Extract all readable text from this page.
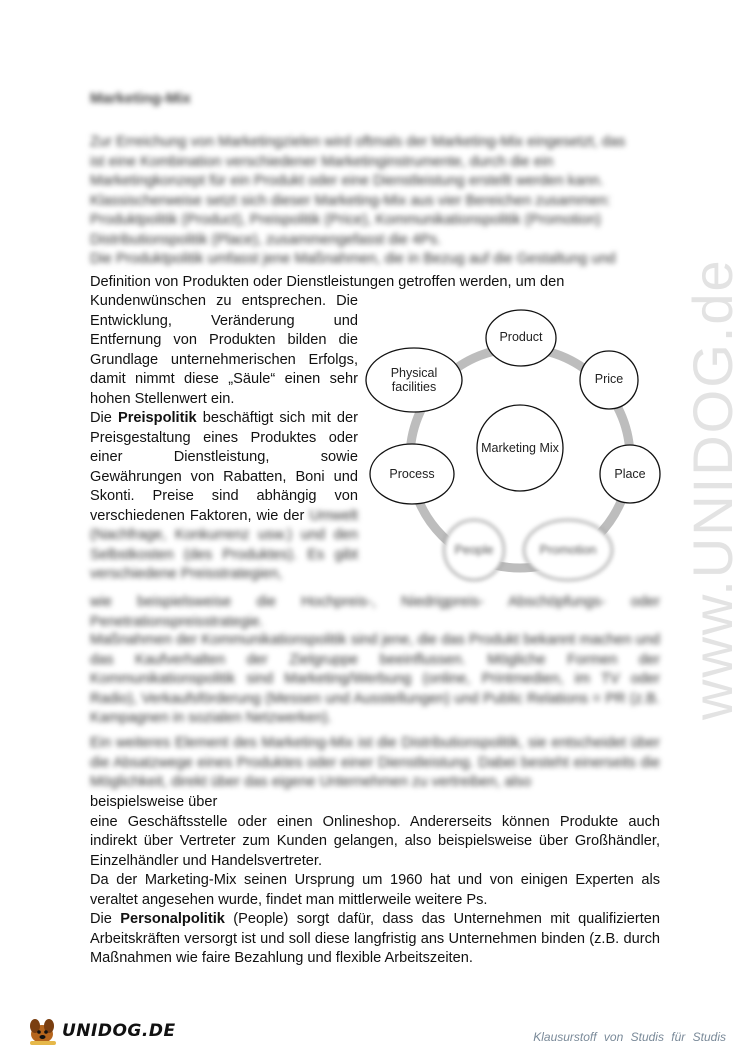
www.UNIDOG.de
Marketing-Mix
Zur Erreichung von Marketingzielen wird oftmals der Marketing-Mix eingesetzt, das
ist eine Kombination verschiedener Marketinginstrumente, durch die ein
Marketingkonzept für ein Produkt oder eine Dienstleistung erstellt werden kann.
Klassischerweise setzt sich dieser Marketing-Mix aus vier Bereichen zusammen:
Produktpolitik (Product), Preispolitik (Price), Kommunikationspolitik (Promotion)
Distributionspolitik (Place), zusammengefasst die 4Ps.
Die Produktpolitik umfasst jene Maßnahmen, die in Bezug auf die Gestaltung und
Definition von Produkten oder Dienstleistungen getroffen werden, um den
Kundenwünschen zu entsprechen. Die Entwicklung, Veränderung und Entfernung von Produkten bilden die Grundlage unternehmerischen Erfolgs, damit nimmt diese „Säule“ einen sehr hohen Stellenwert ein.
Die Preispolitik beschäftigt sich mit der Preisgestaltung eines Produktes oder einer Dienstleistung, sowie Gewährungen von Rabatten, Boni und Skonti. Preise sind abhängig von verschiedenen Faktoren, wie der Umwelt (Nachfrage, Konkurrenz usw.) und den Selbstkosten (des Produktes). Es gibt verschiedene Preisstrategien,
Marketing Mix
Product
Price
Place
Promotion
People
Process
Physical facilities
wie beispielsweise die Hochpreis-, Niedrigpreis- Abschöpfungs- oder Penetrationspreisstrategie.
Maßnahmen der Kommunikationspolitik sind jene, die das Produkt bekannt machen und das Kaufverhalten der Zielgruppe beeinflussen. Mögliche Formen der Kommunikationspolitik sind Marketing/Werbung (online, Printmedien, im TV oder Radio), Verkaufsförderung (Messen und Ausstellungen) und Public Relations = PR (z.B. Kampagnen in sozialen Netzwerken).
Ein weiteres Element des Marketing-Mix ist die Distributionspolitik, sie entscheidet über die Absatzwege eines Produktes oder einer Dienstleistung. Dabei besteht einerseits die Möglichkeit, direkt über das eigene Unternehmen zu vertreiben, also
beispielsweise über
eine Geschäftsstelle oder einen Onlineshop. Andererseits können Produkte auch indirekt über Vertreter zum Kunden gelangen, also beispielsweise über Großhändler, Einzelhändler und Handelsvertreter.
Da der Marketing-Mix seinen Ursprung um 1960 hat und von einigen Experten als veraltet angesehen wurde, findet man mittlerweile weitere Ps.
Die Personalpolitik (People) sorgt dafür, dass das Unternehmen mit qualifizierten Arbeitskräften versorgt ist und soll diese langfristig ans Unternehmen binden (z.B. durch Maßnahmen wie faire Bezahlung und flexible Arbeitszeiten.
UNIDOG.DE	Klausurstoff von Studis für Studis
